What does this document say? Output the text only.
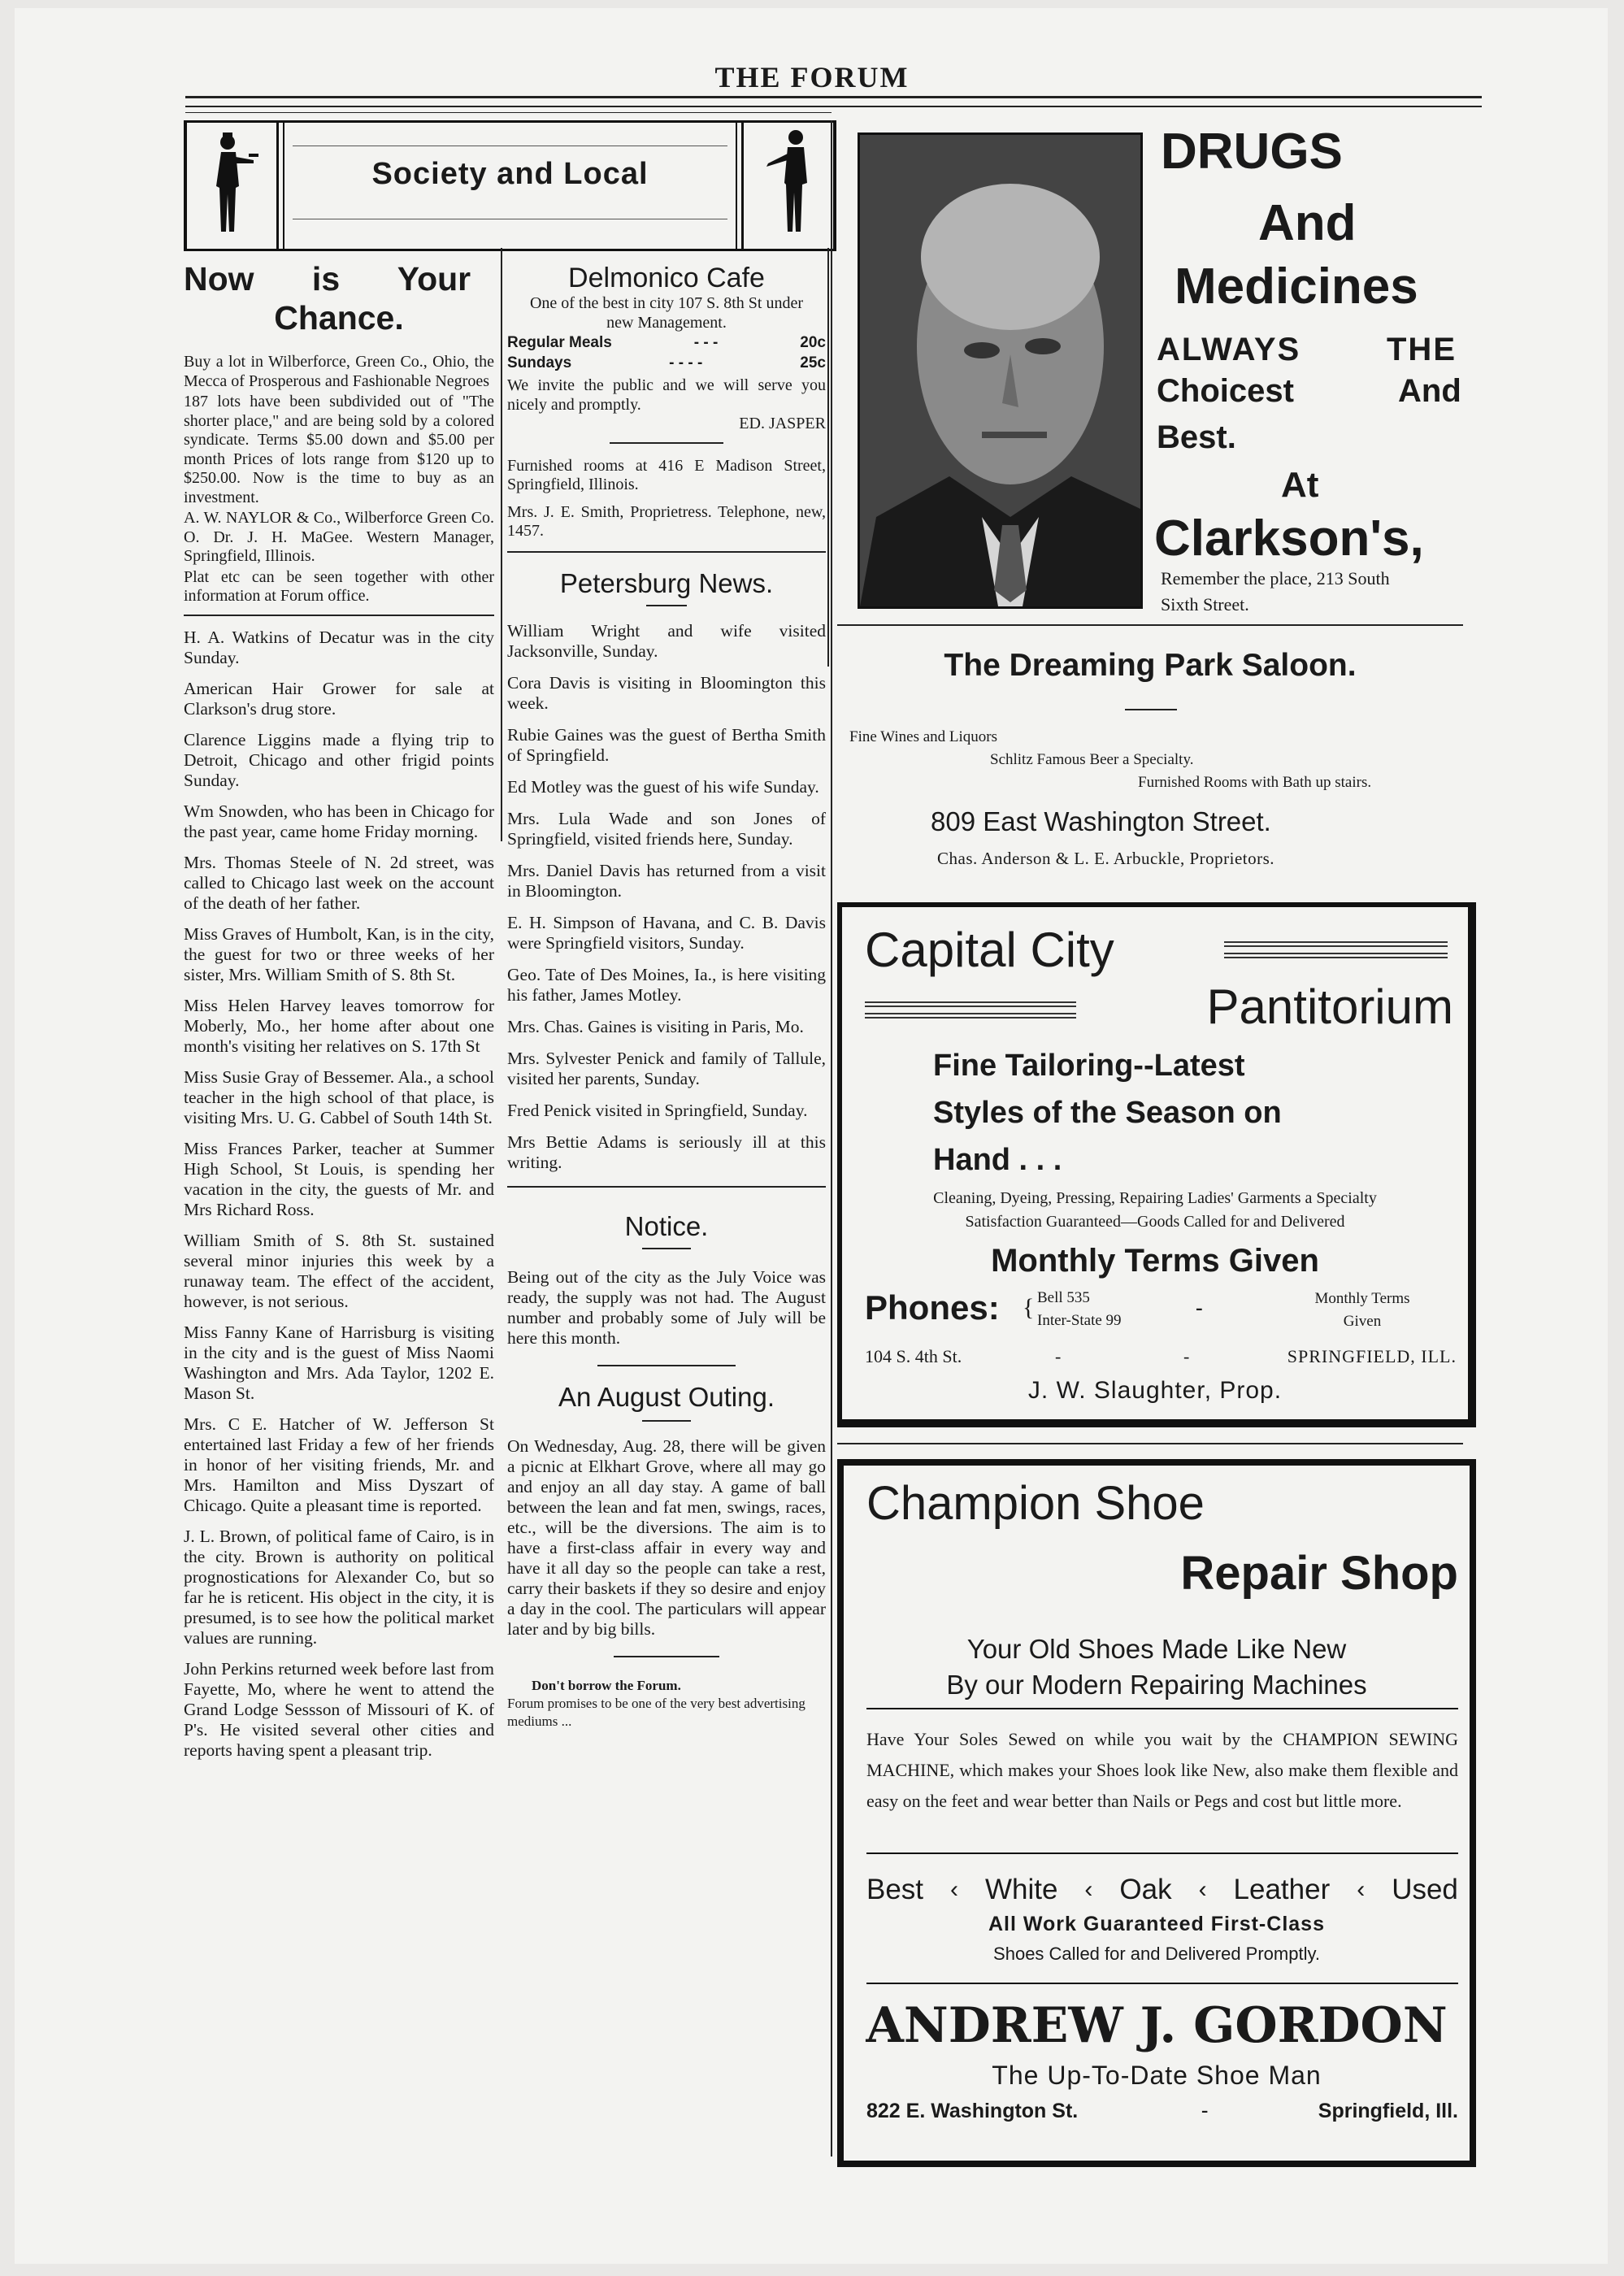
THE FORUM
Society and Local
Now is Your
Chance.
Buy a lot in Wilberforce, Green Co., Ohio, the Mecca of Prosperous and Fashionable Negroes
187 lots have been subdivided out of "The shorter place," and are being sold by a colored syndicate. Terms $5.00 down and $5.00 per month Prices of lots range from $120 up to $250.00. Now is the time to buy as an investment.
A. W. NAYLOR & Co., Wilberforce Green Co. O. Dr. J. H. MaGee. Western Manager, Springfield, Illinois.
Plat etc can be seen together with other information at Forum office.
H. A. Watkins of Decatur was in the city Sunday.
American Hair Grower for sale at Clarkson's drug store.
Clarence Liggins made a flying trip to Detroit, Chicago and other frigid points Sunday.
Wm Snowden, who has been in Chicago for the past year, came home Friday morning.
Mrs. Thomas Steele of N. 2d street, was called to Chicago last week on the account of the death of her father.
Miss Graves of Humbolt, Kan, is in the city, the guest for two or three weeks of her sister, Mrs. William Smith of S. 8th St.
Miss Helen Harvey leaves tomorrow for Moberly, Mo., her home after about one month's visiting her relatives on S. 17th St
Miss Susie Gray of Bessemer. Ala., a school teacher in the high school of that place, is visiting Mrs. U. G. Cabbel of South 14th St.
Miss Frances Parker, teacher at Summer High School, St Louis, is spending her vacation in the city, the guests of Mr. and Mrs Richard Ross.
William Smith of S. 8th St. sustained several minor injuries this week by a runaway team. The effect of the accident, however, is not serious.
Miss Fanny Kane of Harrisburg is visiting in the city and is the guest of Miss Naomi Washington and Mrs. Ada Taylor, 1202 E. Mason St.
Mrs. C E. Hatcher of W. Jefferson St entertained last Friday a few of her friends in honor of her visiting friends, Mr. and Mrs. Hamilton and Miss Dyszart of Chicago. Quite a pleasant time is reported.
J. L. Brown, of political fame of Cairo, is in the city. Brown is authority on political prognostications for Alexander Co, but so far he is reticent. His object in the city, it is presumed, is to see how the political market values are running.
John Perkins returned week before last from Fayette, Mo, where he went to attend the Grand Lodge Sessson of Missouri of K. of P's. He visited several other cities and reports having spent a pleasant trip.
Delmonico Cafe
One of the best in city 107 S. 8th St under new Management.
Regular Meals	- - -	20c
Sundays	- - - -	25c
We invite the public and we will serve you nicely and promptly.
ED. JASPER
Furnished rooms at 416 E Madison Street, Springfield, Illinois.
Mrs. J. E. Smith, Proprietress. Telephone, new, 1457.
Petersburg News.
William Wright and wife visited Jacksonville, Sunday.
Cora Davis is visiting in Bloomington this week.
Rubie Gaines was the guest of Bertha Smith of Springfield.
Ed Motley was the guest of his wife Sunday.
Mrs. Lula Wade and son Jones of Springfield, visited friends here, Sunday.
Mrs. Daniel Davis has returned from a visit in Bloomington.
E. H. Simpson of Havana, and C. B. Davis were Springfield visitors, Sunday.
Geo. Tate of Des Moines, Ia., is here visiting his father, James Motley.
Mrs. Chas. Gaines is visiting in Paris, Mo.
Mrs. Sylvester Penick and family of Tallule, visited her parents, Sunday.
Fred Penick visited in Springfield, Sunday.
Mrs Bettie Adams is seriously ill at this writing.
Notice.
Being out of the city as the July Voice was ready, the supply was not had. The August number and probably some of July will be here this month.
An August Outing.
On Wednesday, Aug. 28, there will be given a picnic at Elkhart Grove, where all may go and enjoy an all day stay. A game of ball between the lean and fat men, swings, races, etc., will be the diversions. The aim is to have a first-class affair in every way and have it all day so the people can take a rest, carry their baskets if they so desire and enjoy a day in the cool. The particulars will appear later and by big bills.
Don't borrow the Forum.
Forum promises to be one of the very best advertising mediums ...
DRUGS
And
Medicines
ALWAYS	THE
Choicest	And
Best.
At
Clarkson's,
Remember the place, 213 South
Sixth Street.
The Dreaming Park Saloon.
Fine Wines and Liquors
Schlitz Famous Beer a Specialty.
Furnished Rooms with Bath up stairs.
809 East Washington Street.
Chas. Anderson & L. E. Arbuckle, Proprietors.
Capital City
Pantitorium
Fine Tailoring--Latest
Styles of the Season on
Hand . . .
Cleaning, Dyeing, Pressing, Repairing Ladies' Garments a Specialty
Satisfaction Guaranteed—Goods Called for and Delivered
Monthly Terms Given
Phones: { Bell 535
Inter-State 99
-	Monthly Terms
Given
104 S. 4th St.	-	-	SPRINGFIELD, ILL.
J. W. Slaughter, Prop.
Champion Shoe
Repair Shop
Your Old Shoes Made Like New
By our Modern Repairing Machines
Have Your Soles Sewed on while you wait by the CHAMPION SEWING MACHINE, which makes your Shoes look like New, also make them flexible and easy on the feet and wear better than Nails or Pegs and cost but little more.
Best ‹ White ‹ Oak ‹ Leather ‹ Used
All Work Guaranteed First-Class
Shoes Called for and Delivered Promptly.
ANDREW J. GORDON
The Up-To-Date Shoe Man
822 E. Washington St.	-	Springfield, Ill.
